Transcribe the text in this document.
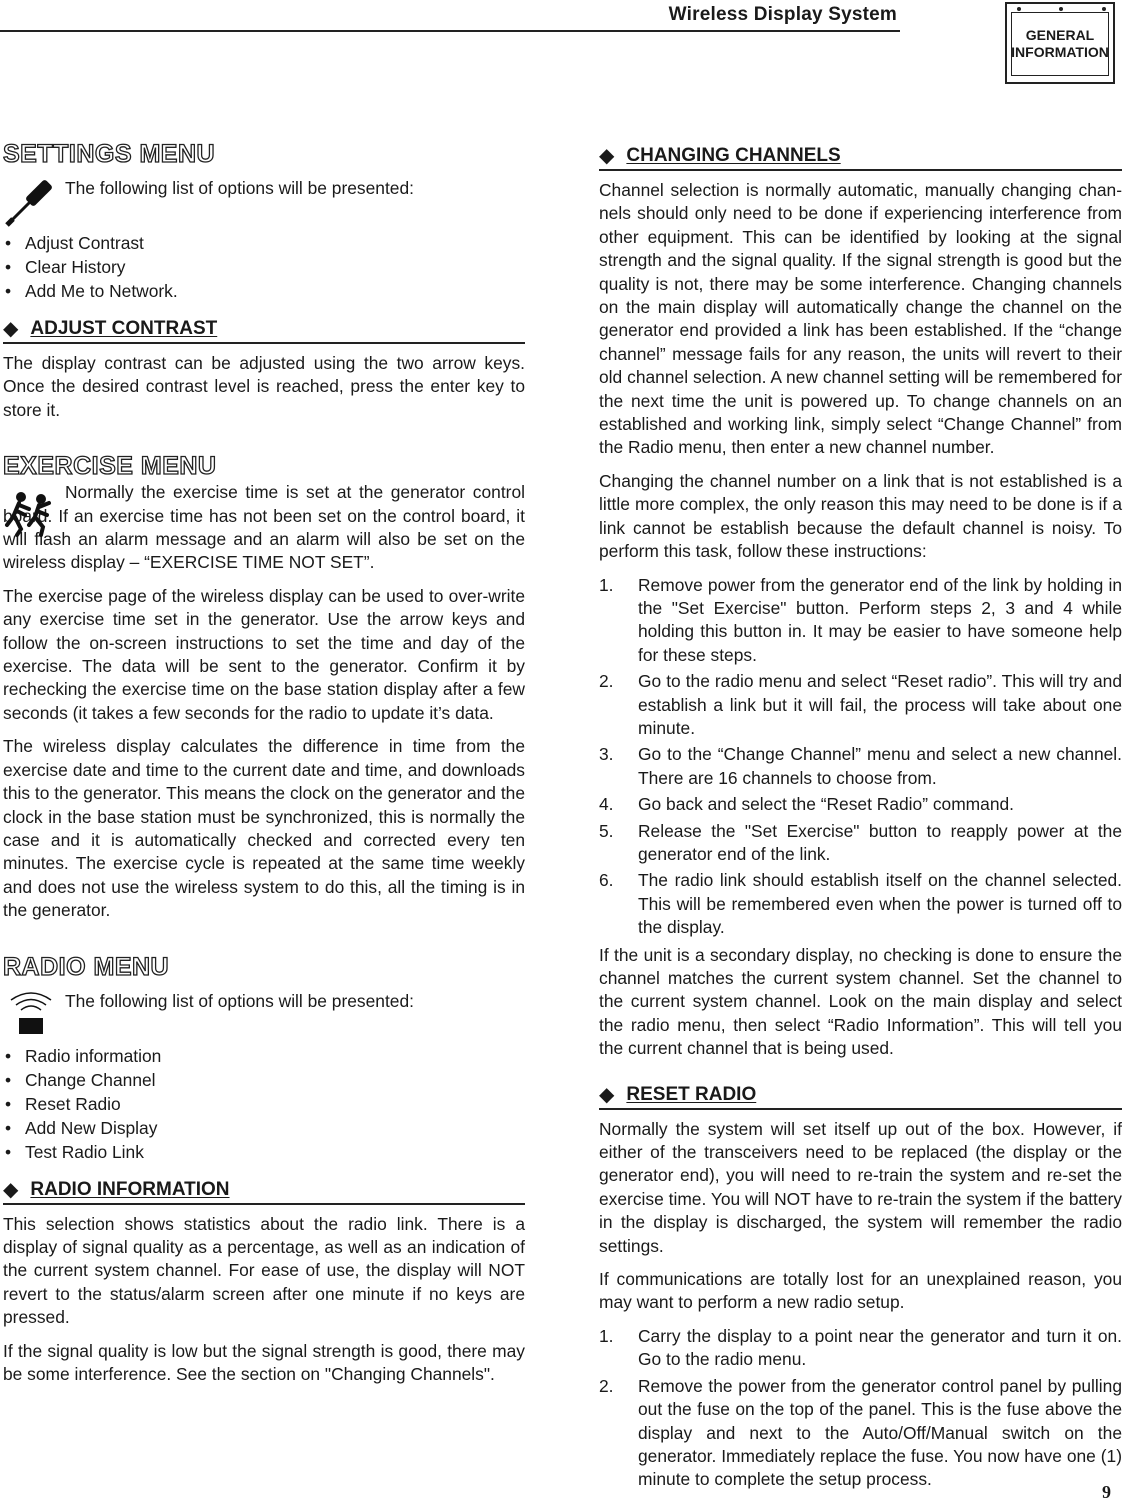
Wireless Display System
GENERAL
INFORMATION
SETTINGS MENU

The following list of options will be presented:

• Adjust Contrast
• Clear History
• Add Me to Network.
◆ ADJUST CONTRAST

The display contrast can be adjusted using the two arrow keys. Once the desired contrast level is reached, press the enter key to store it.

EXERCISE MENU

Normally the exercise time is set at the generator control board. If an exercise time has not been set on the control board, it will flash an alarm message and an alarm will also be set on the wireless display – “EXERCISE TIME NOT SET”.

The exercise page of the wireless display can be used to over-write any exercise time set in the generator. Use the arrow keys and follow the on-screen instructions to set the time and day of the exercise. The data will be sent to the generator. Confirm it by rechecking the exercise time on the base station display after a few seconds (it takes a few seconds for the radio to update it’s data.

The wireless display calculates the difference in time from the exercise date and time to the current date and time, and downloads this to the generator. This means the clock on the generator and the clock in the base station must be synchronized, this is normally the case and it is automatically checked and corrected every ten minutes. The exercise cycle is repeated at the same time weekly and does not use the wireless system to do this, all the timing is in the generator.

RADIO MENU

The following list of options will be presented:

• Radio information
• Change Channel
• Reset Radio
• Add New Display
• Test Radio Link
◆ RADIO INFORMATION

This selection shows statistics about the radio link. There is a display of signal quality as a percentage, as well as an indication of the current system channel. For ease of use, the display will NOT revert to the status/alarm screen after one minute if no keys are pressed.

If the signal quality is low but the signal strength is good, there may be some interference. See the section on "Changing Channels".

◆ CHANGING CHANNELS

Channel selection is normally automatic, manually changing chan-nels should only need to be done if experiencing interference from other equipment. This can be identified by looking at the signal strength and the signal quality. If the signal strength is good but the quality is not, there may be some interference. Changing channels on the main display will automatically change the channel on the generator end provided a link has been established. If the “change channel” message fails for any reason, the units will revert to their old channel selection. A new channel setting will be remembered for the next time the unit is powered up. To change channels on an established and working link, simply select “Change Channel” from the Radio menu, then enter a new channel number.

Changing the channel number on a link that is not established is a little more complex, the only reason this may need to be done is if a link cannot be establish because the default channel is noisy. To perform this task, follow these instructions:

1. Remove power from the generator end of the link by holding in the "Set Exercise" button. Perform steps 2, 3 and 4 while holding this button in. It may be easier to have someone help for these steps.
2. Go to the radio menu and select “Reset radio”. This will try and establish a link but it will fail, the process will take about one minute.
3. Go to the “Change Channel” menu and select a new channel. There are 16 channels to choose from.
4. Go back and select the “Reset Radio” command.
5. Release the "Set Exercise" button to reapply power at the generator end of the link.
6. The radio link should establish itself on the channel selected. This will be remembered even when the power is turned off to the display.

If the unit is a secondary display, no checking is done to ensure the channel matches the current system channel. Set the channel to the current system channel. Look on the main display and select the radio menu, then select “Radio Information”. This will tell you the current channel that is being used.

◆ RESET RADIO

Normally the system will set itself up out of the box. However, if either of the transceivers need to be replaced (the display or the generator end), you will need to re-train the system and re-set the exercise time. You will NOT have to re-train the system if the battery in the display is discharged, the system will remember the radio settings.

If communications are totally lost for an unexplained reason, you may want to perform a new radio setup.

1. Carry the display to a point near the generator and turn it on. Go to the radio menu.
2. Remove the power from the generator control panel by pulling out the fuse on the top of the panel. This is the fuse above the display and next to the Auto/Off/Manual switch on the generator. Immediately replace the fuse. You now have one (1) minute to complete the setup process.
9
